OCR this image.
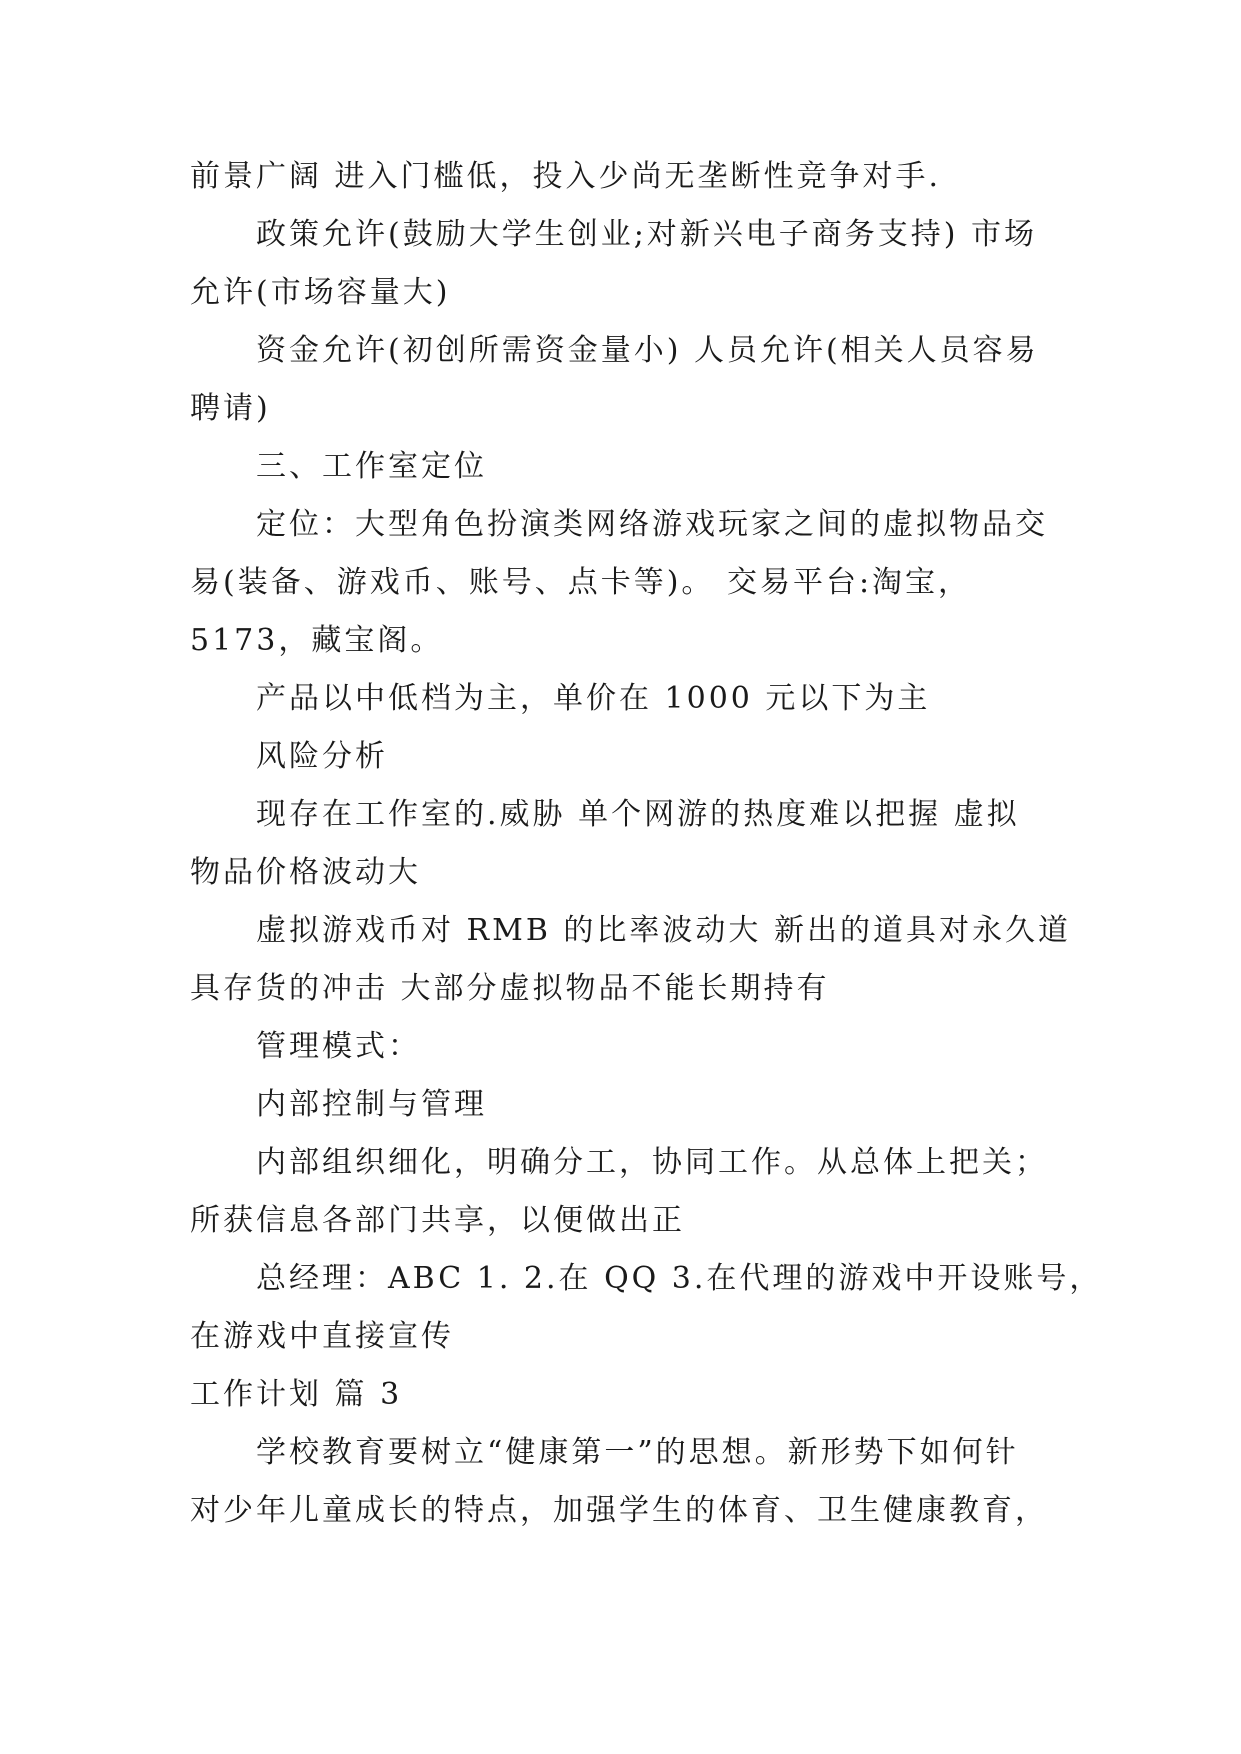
前景广阔 进入门槛低，投入少尚无垄断性竞争对手.
政策允许(鼓励大学生创业;对新兴电子商务支持) 市场
允许(市场容量大)
资金允许(初创所需资金量小) 人员允许(相关人员容易
聘请)
三、工作室定位
定位：大型角色扮演类网络游戏玩家之间的虚拟物品交
易(装备、游戏币、账号、点卡等)。 交易平台:淘宝，
5173，藏宝阁。
产品以中低档为主，单价在 1000 元以下为主
风险分析
现存在工作室的.威胁 单个网游的热度难以把握 虚拟
物品价格波动大
虚拟游戏币对 RMB 的比率波动大 新出的道具对永久道
具存货的冲击 大部分虚拟物品不能长期持有
管理模式：
内部控制与管理
内部组织细化，明确分工，协同工作。从总体上把关；
所获信息各部门共享，以便做出正
总经理：ABC 1. 2.在 QQ 3.在代理的游戏中开设账号，
在游戏中直接宣传
工作计划 篇 3
学校教育要树立“健康第一”的思想。新形势下如何针
对少年儿童成长的特点，加强学生的体育、卫生健康教育，
